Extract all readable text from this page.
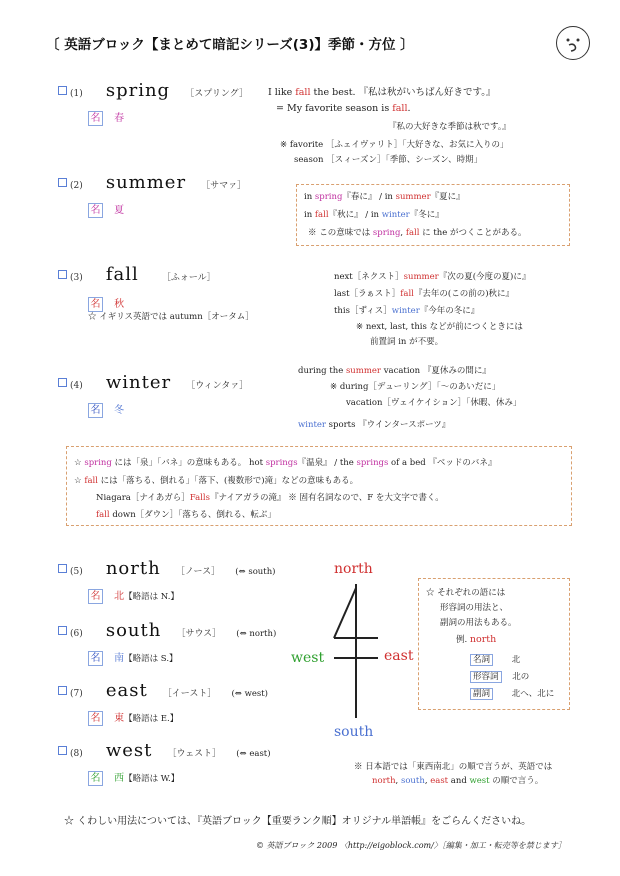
〔 英語ブロック【まとめて暗記シリーズ(3)】季節・方位 〕
(1) spring ［スプリング］
名 春
I like fall the best. 『私は秋がいちばん好きです。』
= My favorite season is fall.
『私の大好きな季節は秋です。』
※ favorite ［ふェイヴァリト］「大好きな、お気に入りの」
season ［スィーズン］「季節、シーズン、時期」
(2) summer ［サマァ］
名 夏
in spring『春に』 / in summer『夏に』
in fall『秋に』 / in winter『冬に』
※ この意味では spring, fall に the がつくことがある。
(3) fall	［ふォール］
名 秋
☆ イギリス英語では autumn［オータム］
next［ネクスト］summer『次の夏(今度の夏)に』
last［ラぁスト］fall『去年の(この前の)秋に』
this［ずィス］winter『今年の冬に』
※ next, last, this などが前につくときには
前置詞 in が不要。
(4) winter ［ウィンタァ］
名 冬
during the summer vacation 『夏休みの間に』
※ during［デューリング］「～のあいだに」
vacation［ヴェイケイション］「休暇、休み」
winter sports 『ウインタースポーツ』
☆ spring には「泉」「バネ」の意味もある。 hot springs『温泉』 / the springs of a bed 『ベッドのバネ』
☆ fall には「落ちる、倒れる」「落下、(複数形で)滝」などの意味もある。
Niagara［ナイあガら］Falls『ナイアガラの滝』 ※ 固有名詞なので、F を大文字で書く。
fall down［ダウン］「落ちる、倒れる、転ぶ」
(5) north ［ノース］ (⇔ south)
名 北【略語は N.】
(6) south ［サウス］ (⇔ north)
名 南【略語は S.】
(7) east ［イースト］ (⇔ west)
名 東【略語は E.】
(8) west ［ウェスト］ (⇔ east)
名 西【略語は W.】
north
west	east
south
☆ それぞれの語には
形容詞の用法と、
副詞の用法もある。
例. north
名詞	北
形容詞 北の
副詞	北へ、北に
※ 日本語では「東西南北」の順で言うが、英語では
north, south, east and west の順で言う。
☆ くわしい用法については、『英語ブロック【重要ランク順】オリジナル単語帳』をごらんくださいね。
© 英語ブロック 2009 〈http://eigoblock.com/〉［編集・加工・転売等を禁じます］
